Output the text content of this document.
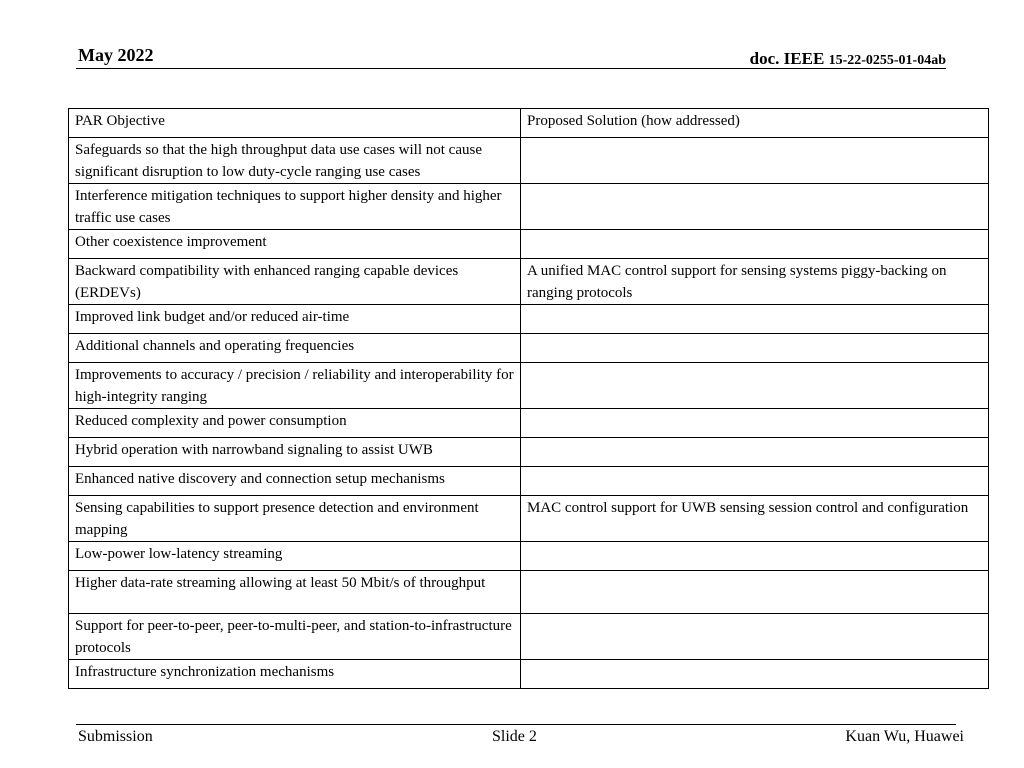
May 2022	doc. IEEE 15-22-0255-01-04ab
PAR Objective	Proposed Solution (how addressed)
Safeguards so that the high throughput data use cases will not cause significant disruption to low duty-cycle ranging use cases	
Interference mitigation techniques to support higher density and higher traffic use cases	
Other coexistence improvement	
Backward compatibility with enhanced ranging capable devices (ERDEVs)	A unified MAC control support for sensing systems piggy-backing on ranging protocols
Improved link budget and/or reduced air-time	
Additional channels and operating frequencies	
Improvements to accuracy / precision / reliability and interoperability for high-integrity ranging	
Reduced complexity and power consumption	
Hybrid operation with narrowband signaling to assist UWB	
Enhanced native discovery and connection setup mechanisms	
Sensing capabilities to support presence detection and environment mapping	MAC control support for UWB sensing session control and configuration
Low-power low-latency streaming	
Higher data-rate streaming allowing at least 50 Mbit/s of throughput	
Support for peer-to-peer, peer-to-multi-peer, and station-to-infrastructure protocols	
Infrastructure synchronization mechanisms	
Submission	Slide 2	Kuan Wu, Huawei
